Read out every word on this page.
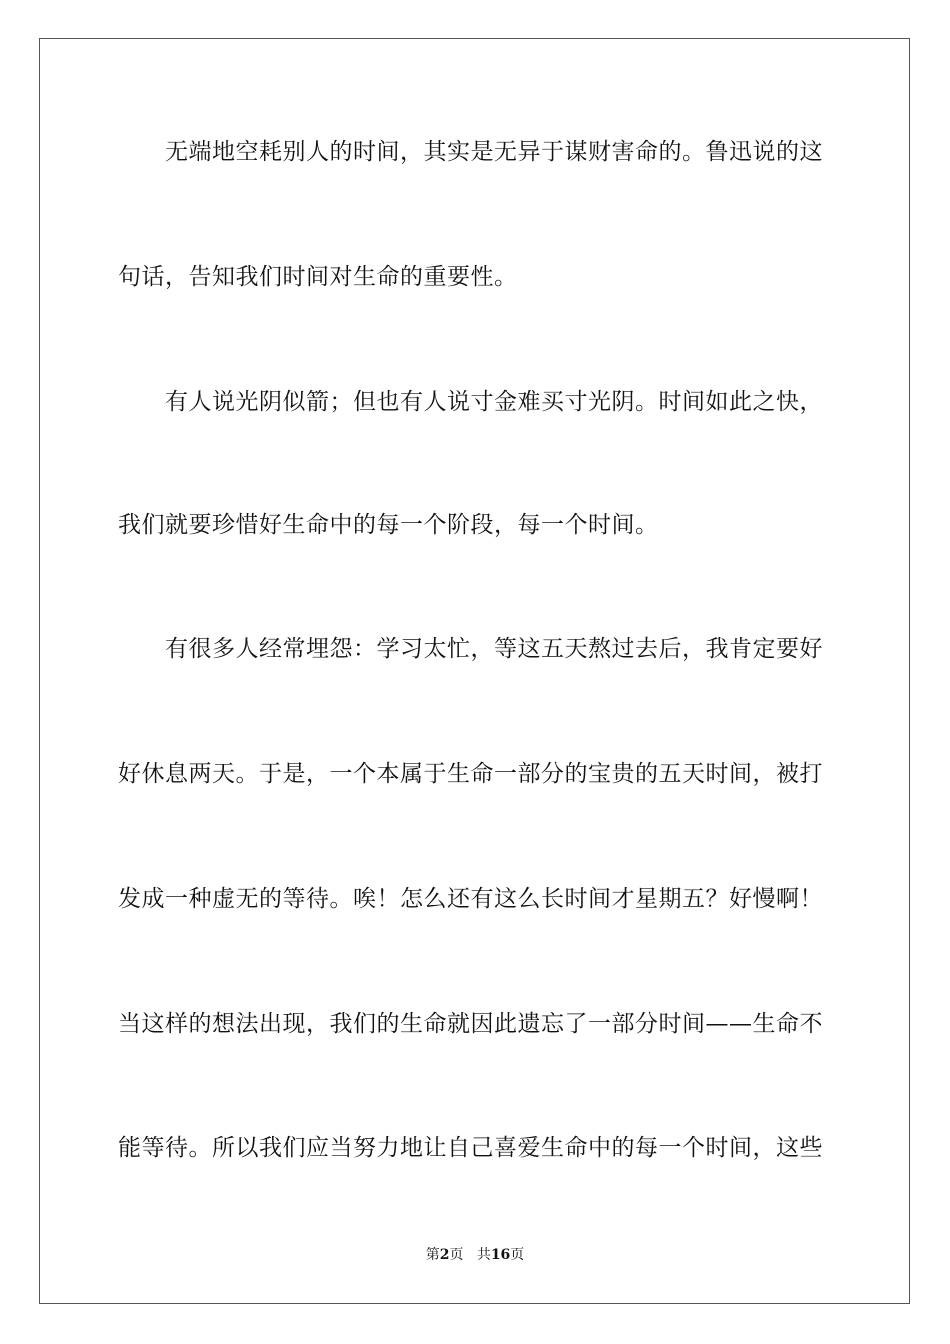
　　无端地空耗别人的时间，其实是无异于谋财害命的。鲁迅说的这
句话，告知我们时间对生命的重要性。
　　有人说光阴似箭；但也有人说寸金难买寸光阴。时间如此之快，
我们就要珍惜好生命中的每一个阶段，每一个时间。
　　有很多人经常埋怨：学习太忙，等这五天熬过去后，我肯定要好
好休息两天。于是，一个本属于生命一部分的宝贵的五天时间，被打
发成一种虚无的等待。唉！怎么还有这么长时间才星期五？好慢啊！
当这样的想法出现，我们的生命就因此遗忘了一部分时间——生命不
能等待。所以我们应当努力地让自己喜爱生命中的每一个时间，这些
第2页 共16页
